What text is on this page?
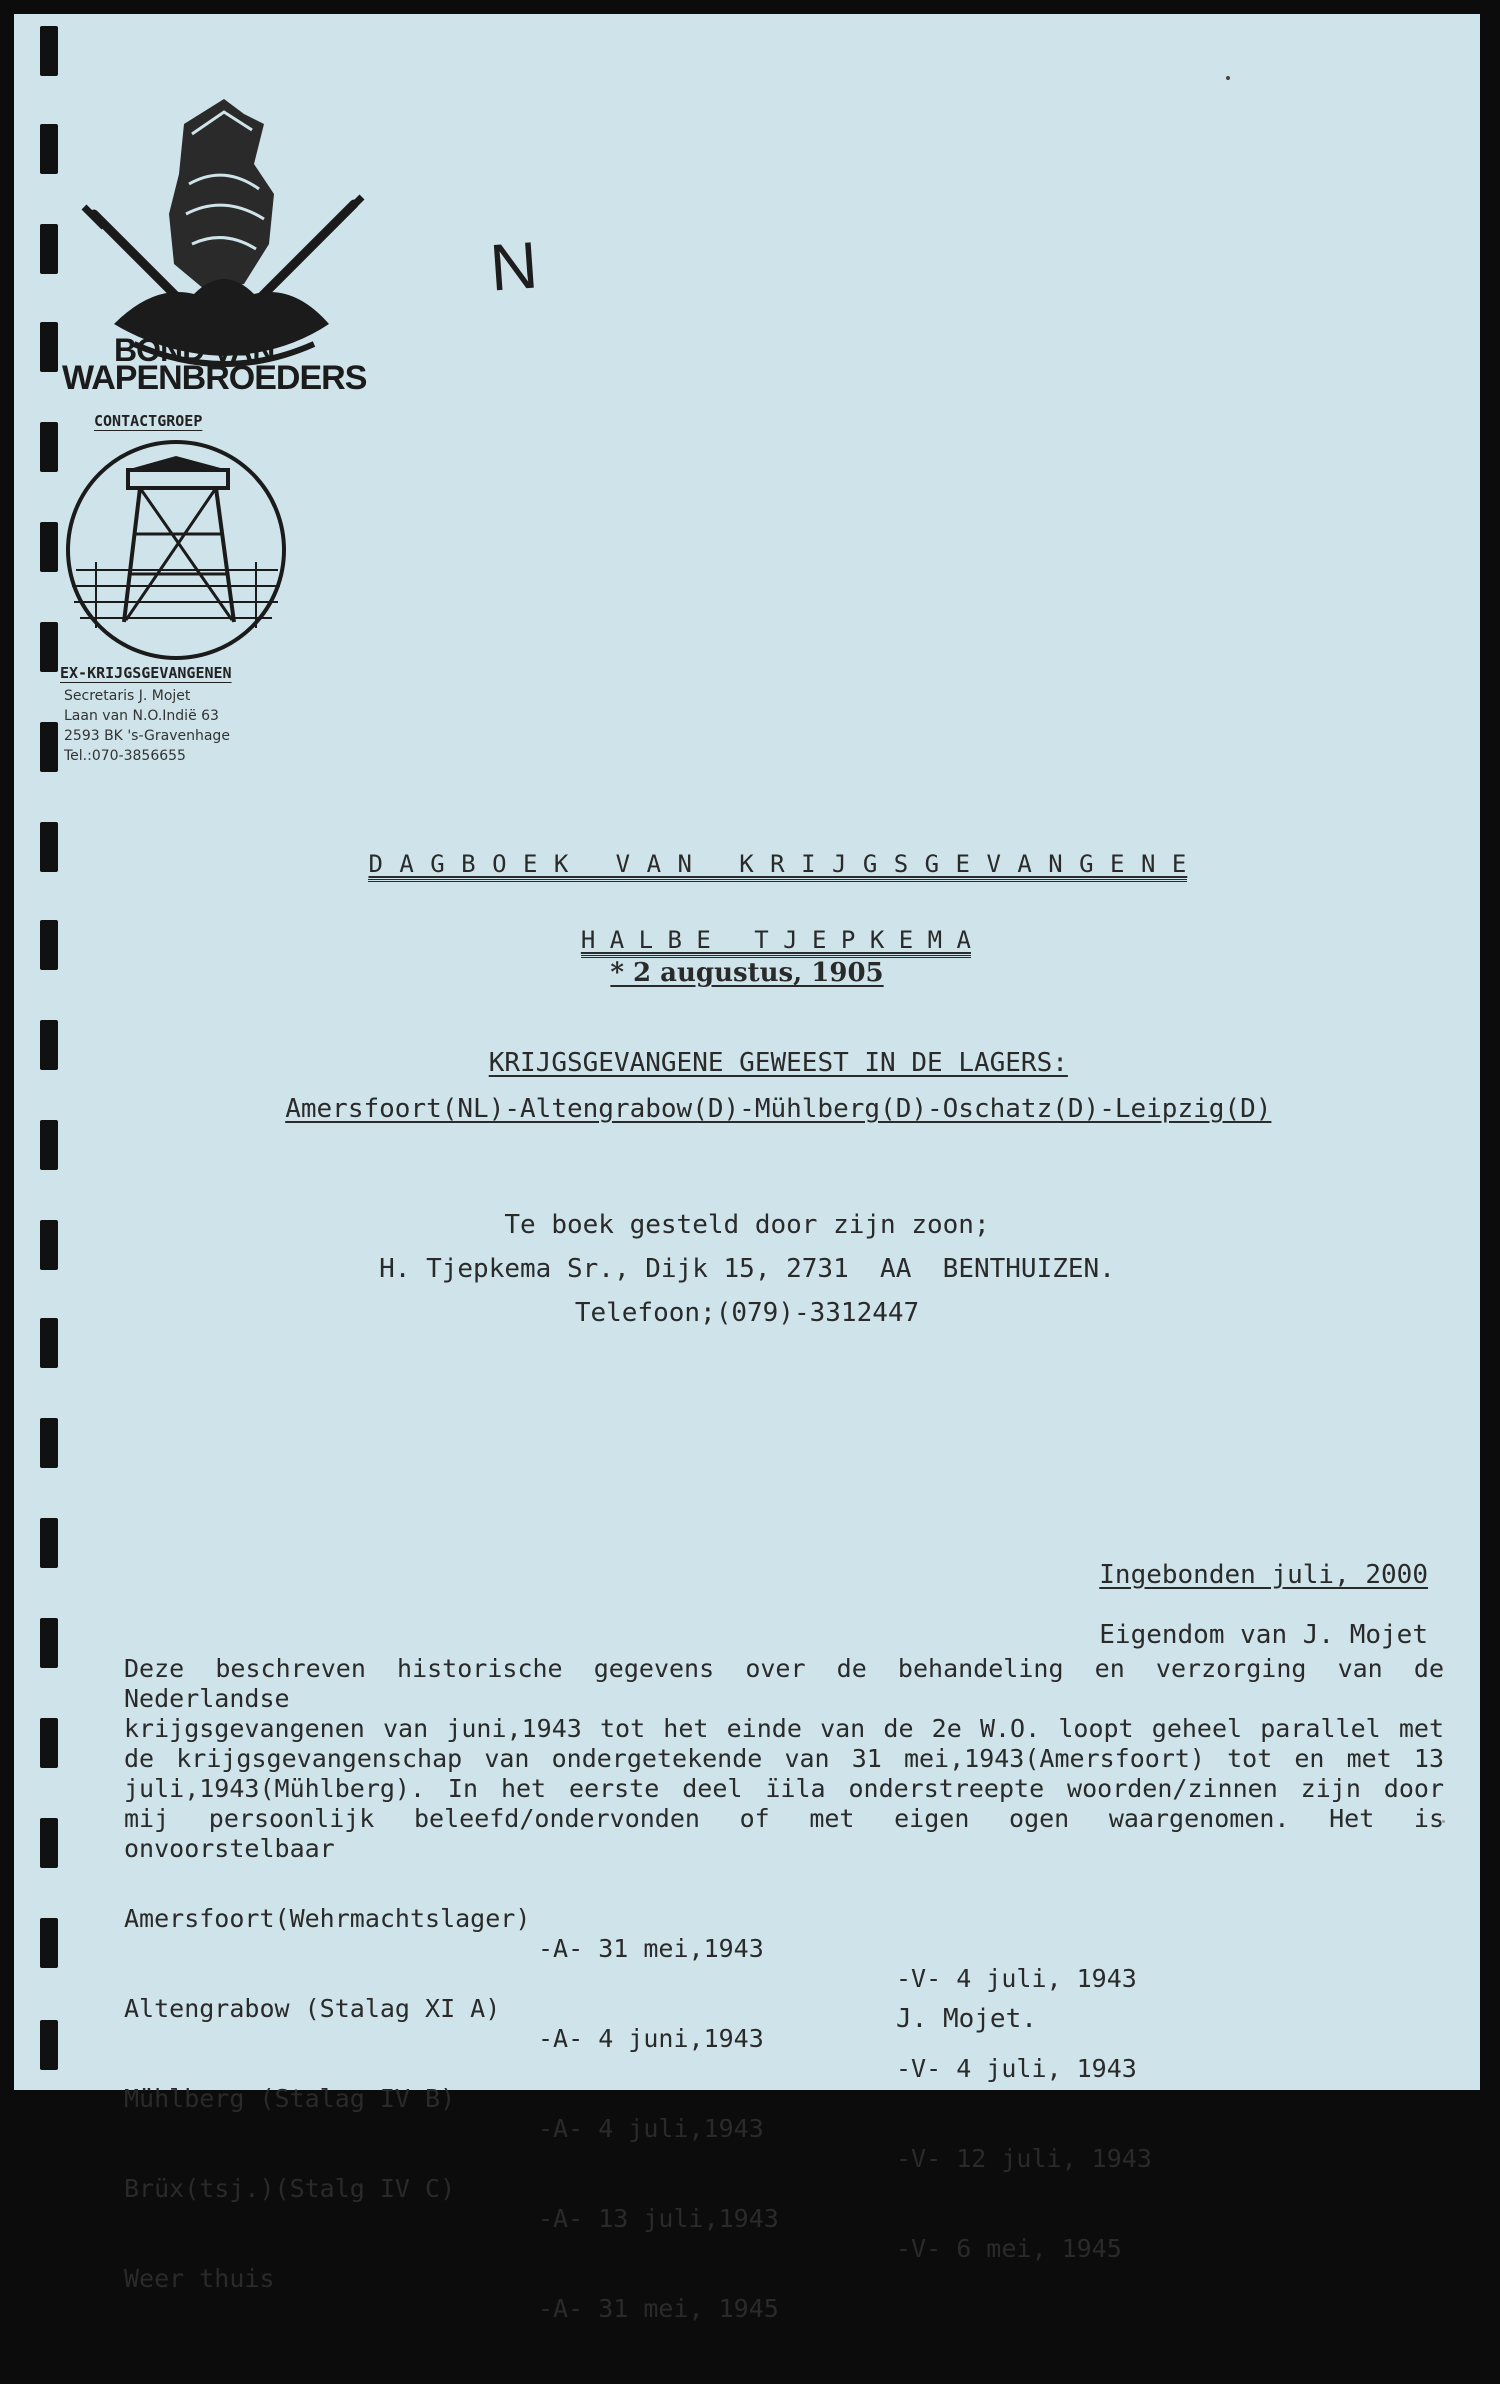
BOND VAN
WAPENBROEDERS
CONTACTGROEP
EX-KRIJGSGEVANGENEN
Secretaris J. Mojet
Laan van N.O.Indië 63
2593 BK 's-Gravenhage
Tel.:070-3856655
N

D A G B O E K   V A N   K R I J G S G E V A N G E N E

H A L B E   T J E P K E M A

* 2 augustus, 1905

KRIJGSGEVANGENE GEWEEST IN DE LAGERS:

Amersfoort(NL)-Altengrabow(D)-Mühlberg(D)-Oschatz(D)-Leipzig(D)

Te boek gesteld door zijn zoon;
H. Tjepkema Sr., Dijk 15, 2731  AA  BENTHUIZEN.
Telefoon;(079)-3312447
Ingebonden juli, 2000
Eigendom van J. Mojet
Deze beschreven historische gegevens over de behandeling en verzorging van de Nederlandse
krijgsgevangenen van juni,1943 tot het einde van de 2e W.O. loopt geheel parallel met
de krijgsgevangenschap van ondergetekende van 31 mei,1943(Amersfoort) tot en met 13
juli,1943(Mühlberg). In het eerste deel ïila onderstreepte woorden/zinnen zijn door
mij persoonlijk beleefd/ondervonden of met eigen ogen waargenomen. Het is onvoorstelbaar

Amersfoort(Wehrmachtslager)

-A- 31 mei,1943

-V- 4 juli, 1943

Altengrabow (Stalag XI A)

-A- 4 juni,1943

-V- 4 juli, 1943

Mühlberg (Stalag IV B)

-A- 4 juli,1943

-V- 12 juli, 1943

Brüx(tsj.)(Stalg IV C)

-A- 13 juli,1943

-V- 6 mei, 1945

Weer thuis

-A- 31 mei, 1945

J. Mojet.
